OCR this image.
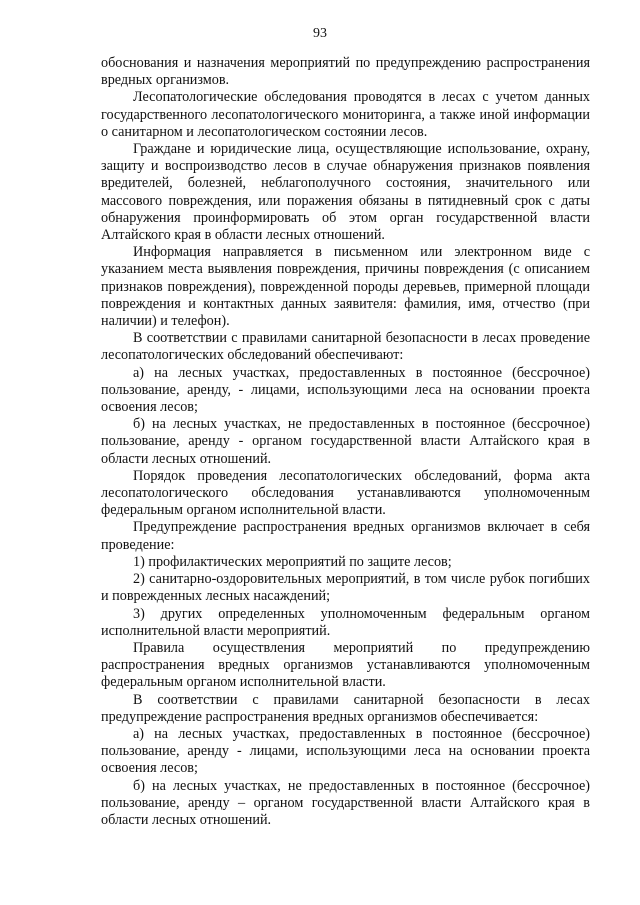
93

обоснования и назначения мероприятий по предупреждению распространения вредных организмов.

Лесопатологические обследования проводятся в лесах с учетом данных государственного лесопатологического мониторинга, а также иной информации о санитарном и лесопатологическом состоянии лесов.

Граждане и юридические лица, осуществляющие использование, охрану, защиту и воспроизводство лесов в случае обнаружения признаков появления вредителей, болезней, неблагополучного состояния, значительного или массового повреждения, или поражения обязаны в пятидневный срок с даты обнаружения проинформировать об этом орган государственной власти Алтайского края в области лесных отношений.

Информация направляется в письменном или электронном виде с указанием места выявления повреждения, причины повреждения (с описанием признаков повреждения), поврежденной породы деревьев, примерной площади повреждения и контактных данных заявителя: фамилия, имя, отчество (при наличии) и телефон).

В соответствии с правилами санитарной безопасности в лесах проведение лесопатологических обследований обеспечивают:

а) на лесных участках, предоставленных в постоянное (бессрочное) пользование, аренду, - лицами, использующими леса на основании проекта освоения лесов;

б) на лесных участках, не предоставленных в постоянное (бессрочное) пользование, аренду - органом государственной власти Алтайского края в области лесных отношений.

Порядок проведения лесопатологических обследований, форма акта лесопатологического обследования устанавливаются уполномоченным федеральным органом исполнительной власти.

Предупреждение распространения вредных организмов включает в себя проведение:

1) профилактических мероприятий по защите лесов;

2) санитарно-оздоровительных мероприятий, в том числе рубок погибших и поврежденных лесных насаждений;

3) других определенных уполномоченным федеральным органом исполнительной власти мероприятий.

Правила осуществления мероприятий по предупреждению распространения вредных организмов устанавливаются уполномоченным федеральным органом исполнительной власти.

В соответствии с правилами санитарной безопасности в лесах предупреждение распространения вредных организмов обеспечивается:

а) на лесных участках, предоставленных в постоянное (бессрочное) пользование, аренду - лицами, использующими леса на основании проекта освоения лесов;

б) на лесных участках, не предоставленных в постоянное (бессрочное) пользование, аренду – органом государственной власти Алтайского края в области лесных отношений.
